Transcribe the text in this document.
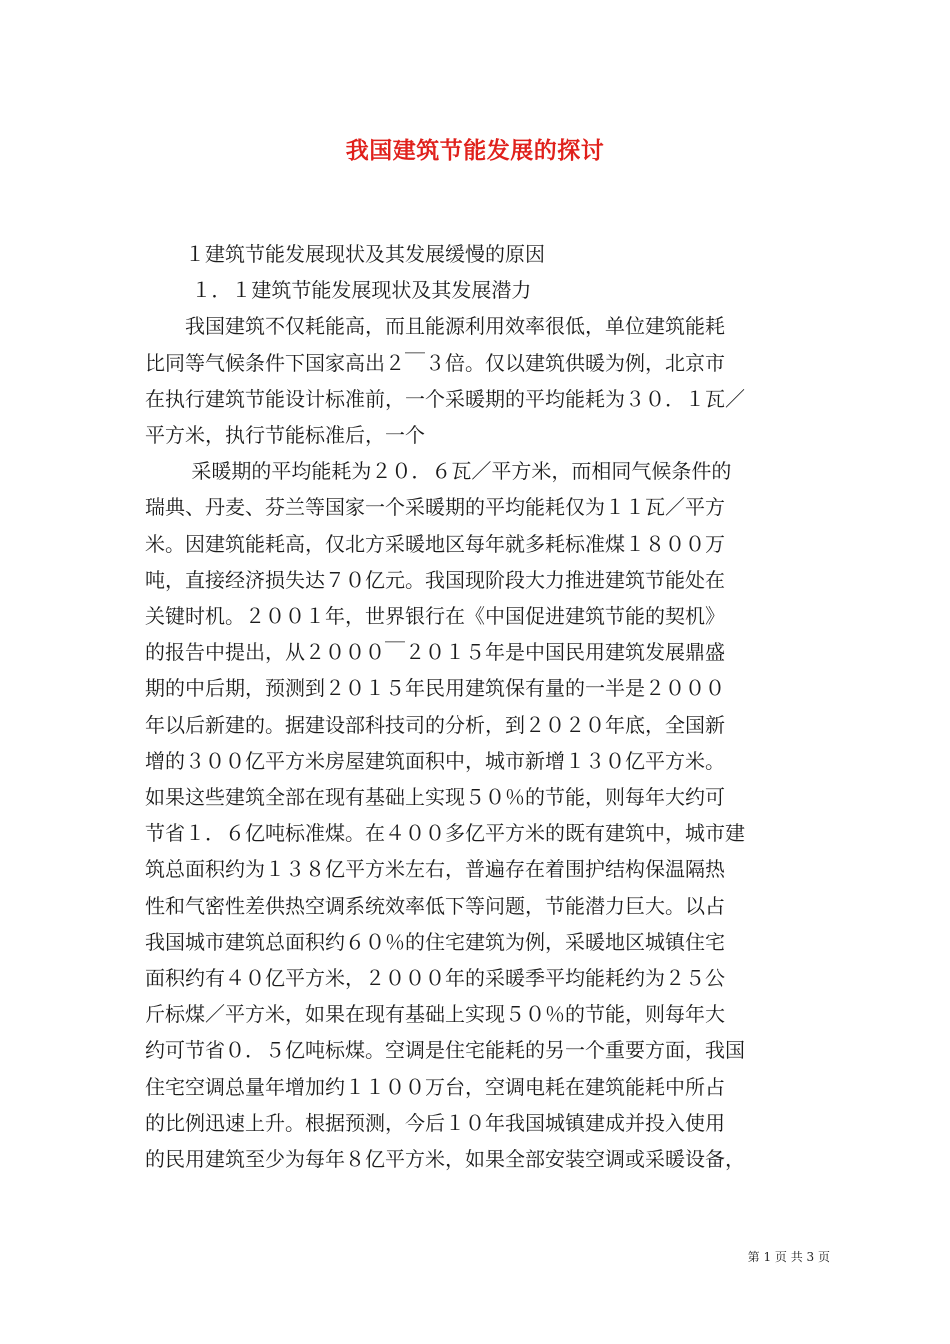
我国建筑节能发展的探讨
　　１建筑节能发展现状及其发展缓慢的原因
　　 １．１建筑节能发展现状及其发展潜力
　　我国建筑不仅耗能高，而且能源利用效率很低，单位建筑能耗
比同等气候条件下国家高出２￣３倍。仅以建筑供暖为例，北京市
在执行建筑节能设计标准前，一个采暖期的平均能耗为３０．１瓦／
平方米，执行节能标准后，一个
　　 采暖期的平均能耗为２０．６瓦／平方米，而相同气候条件的
瑞典、丹麦、芬兰等国家一个采暖期的平均能耗仅为１１瓦／平方
米。因建筑能耗高，仅北方采暖地区每年就多耗标准煤１８００万
吨，直接经济损失达７０亿元。我国现阶段大力推进建筑节能处在
关键时机。２００１年，世界银行在《中国促进建筑节能的契机》
的报告中提出，从２０００￣２０１５年是中国民用建筑发展鼎盛
期的中后期，预测到２０１５年民用建筑保有量的一半是２０００
年以后新建的。据建设部科技司的分析，到２０２０年底，全国新
增的３００亿平方米房屋建筑面积中，城市新增１３０亿平方米。
如果这些建筑全部在现有基础上实现５０％的节能，则每年大约可
节省１．６亿吨标准煤。在４００多亿平方米的既有建筑中，城市建
筑总面积约为１３８亿平方米左右，普遍存在着围护结构保温隔热
性和气密性差供热空调系统效率低下等问题，节能潜力巨大。以占
我国城市建筑总面积约６０％的住宅建筑为例，采暖地区城镇住宅
面积约有４０亿平方米，２０００年的采暖季平均能耗约为２５公
斤标煤／平方米，如果在现有基础上实现５０％的节能，则每年大
约可节省０．５亿吨标煤。空调是住宅能耗的另一个重要方面，我国
住宅空调总量年增加约１１００万台，空调电耗在建筑能耗中所占
的比例迅速上升。根据预测，今后１０年我国城镇建成并投入使用
的民用建筑至少为每年８亿平方米，如果全部安装空调或采暖设备，
第 1 页 共 3 页
